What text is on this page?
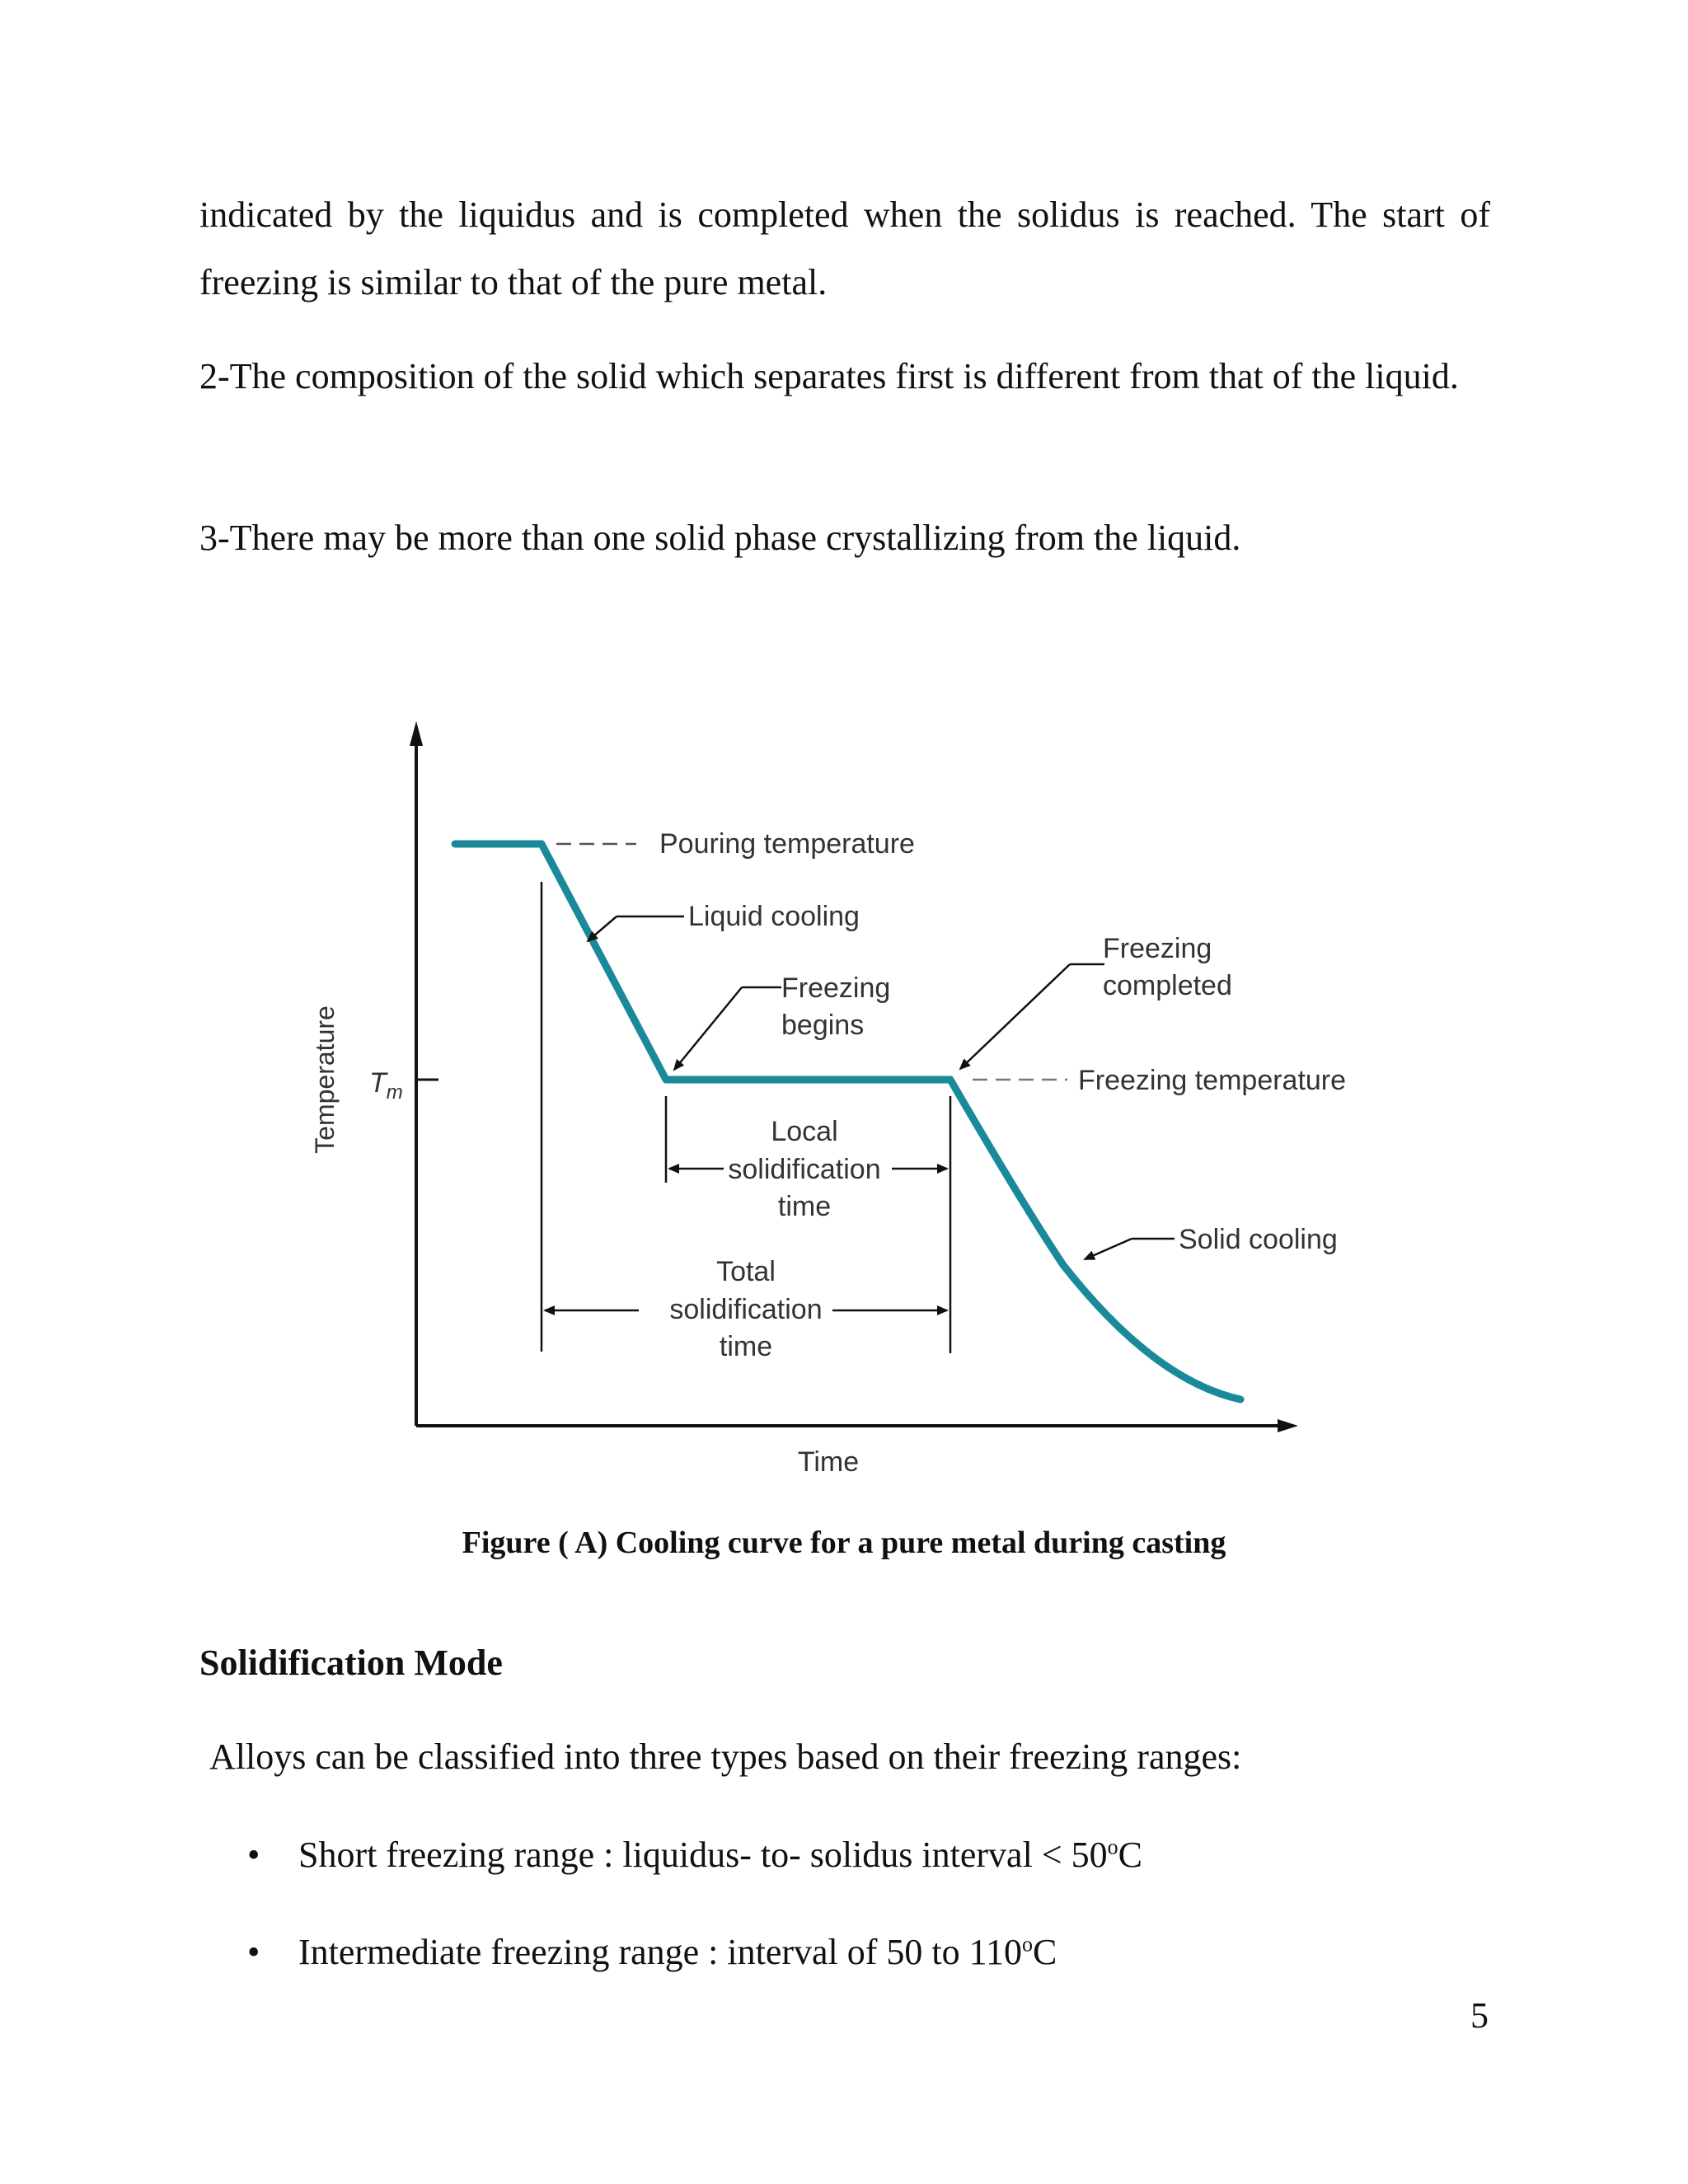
indicated by the liquidus and is completed when the solidus is reached. The start of freezing is similar to that of the pure metal.

2-The composition of the solid which separates first is different from that of the liquid.

3-There may be more than one solid phase crystallizing from the liquid.

$T_m$
Temperature
Time
Pouring temperature
Liquid cooling
Freezing
begins
Freezing
completed
Freezing temperature
Local
solidification
time
Total
solidification
time
Solid cooling
Figure ( A) Cooling curve for a pure metal during casting
Solidification Mode
Alloys can be classified into three types based on their freezing ranges:
•	Short freezing range : liquidus- to- solidus interval < $50^oC$
•	Intermediate freezing range : interval of 50 to 110$^o$C
5
